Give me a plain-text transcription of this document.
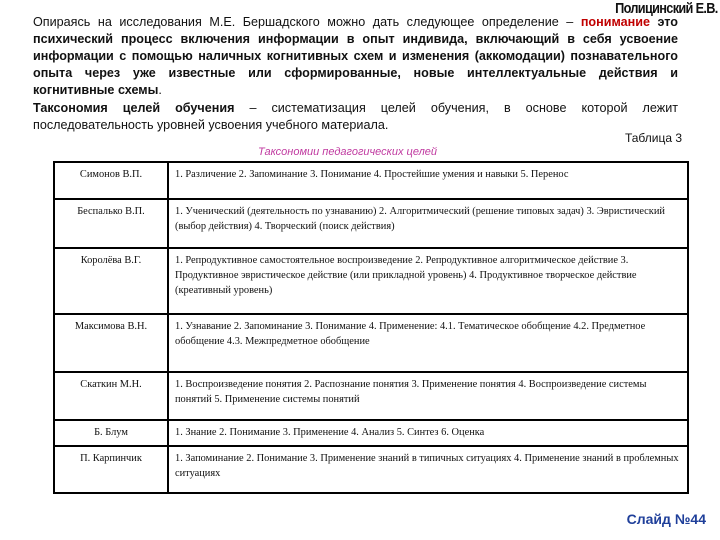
Полицинский Е.В.
Опираясь на исследования М.Е. Бершадского можно дать следующее определение – понимание это психический процесс включения информации в опыт индивида, включающий в себя усвоение информации с помощью наличных когнитивных схем и изменения (аккомодации) познавательного опыта через уже известные или сформированные, новые интеллектуальные действия и когнитивные схемы.
Таксономия целей обучения – систематизация целей обучения, в основе которой лежит последовательность уровней усвоения учебного материала.
Таблица 3
Таксономии педагогических целей
Симонов В.П.	1. Различение 2. Запоминание 3. Понимание 4. Простейшие умения и навыки 5. Перенос
Беспалько В.П.	1. Ученический (деятельность по узнаванию) 2. Алгоритмический (решение типовых задач) 3. Эвристический (выбор действия) 4. Творческий (поиск действия)
Королёва В.Г.	1. Репродуктивное самостоятельное воспроизведение 2. Репродуктивное алгоритмическое действие 3. Продуктивное эвристическое действие (или прикладной уровень) 4. Продуктивное творческое действие (креативный уровень)
Максимова В.Н.	1. Узнавание 2. Запоминание 3. Понимание 4. Применение: 4.1. Тематическое обобщение 4.2. Предметное обобщение 4.3. Межпредметное обобщение
Скаткин М.Н.	1. Воспроизведение понятия 2. Распознание понятия 3. Применение понятия 4. Воспроизведение системы понятий 5. Применение системы понятий
Б. Блум	1. Знание 2. Понимание 3. Применение 4. Анализ 5. Синтез 6. Оценка
П. Карпинчик	1. Запоминание 2. Понимание 3. Применение знаний в типичных ситуациях 4. Применение знаний в проблемных ситуациях
Слайд №44
